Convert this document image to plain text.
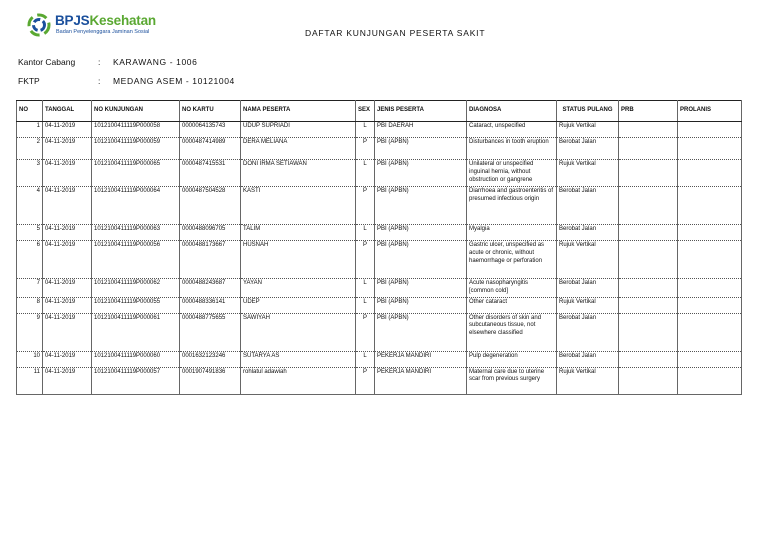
BPJSKesehatan
Badan Penyelenggara Jaminan Sosial	DAFTAR KUNJUNGAN PESERTA SAKIT
Kantor Cabang	: KARAWANG - 1006
FKTP	: MEDANG ASEM - 10121004
NO	TANGGAL	NO KUNJUNGAN	NO KARTU	NAMA PESERTA	SEX	JENIS PESERTA	DIAGNOSA	STATUS PULANG	PRB	PROLANIS
1	04-11-2019	1012100411119P000058	0000064135743	UDUP SUPRIADI	L	PBI DAERAH	Cataract, unspecified	Rujuk Vertikal		
2	04-11-2019	1012100411119P000059	0000487414989	DERA MELIANA	P	PBI (APBN)	Disturbances in tooth eruption	Berobat Jalan		
3	04-11-2019	1012100411119P000065	0000487415531	DONI IRMA SETIAWAN	L	PBI (APBN)	Unilateral or unspecified inguinal hernia, without obstruction or gangrene	Rujuk Vertikal		
4	04-11-2019	1012100411119P000064	0000487504528	KASTI	P	PBI (APBN)	Diarrhoea and gastroenteritis of presumed infectious origin	Berobat Jalan		
5	04-11-2019	1012100411119P000063	0000488096705	TALIM	L	PBI (APBN)	Myalgia	Berobat Jalan		
6	04-11-2019	1012100411119P000056	0000488173667	HUSNAH	P	PBI (APBN)	Gastric ulcer, unspecified as acute or chronic, without haemorrhage or perforation	Rujuk Vertikal		
7	04-11-2019	1012100411119P000062	0000488243687	YAYAN	L	PBI (APBN)	Acute nasopharyngitis [common cold]	Berobat Jalan		
8	04-11-2019	1012100411119P000055	0000488336141	UDEP	L	PBI (APBN)	Other cataract	Rujuk Vertikal		
9	04-11-2019	1012100411119P000061	0000488775655	SAWIYAH	P	PBI (APBN)	Other disorders of skin and subcutaneous tissue, not elsewhere classified	Berobat Jalan		
10	04-11-2019	1012100411119P000060	0001632123246	SUTARYA AS	L	PEKERJA MANDIRI	Pulp degeneration	Berobat Jalan		
11	04-11-2019	1012100411119P000057	0001907491836	rohlatul adawiah	P	PEKERJA MANDIRI	Maternal care due to uterine scar from previous surgery	Rujuk Vertikal		
